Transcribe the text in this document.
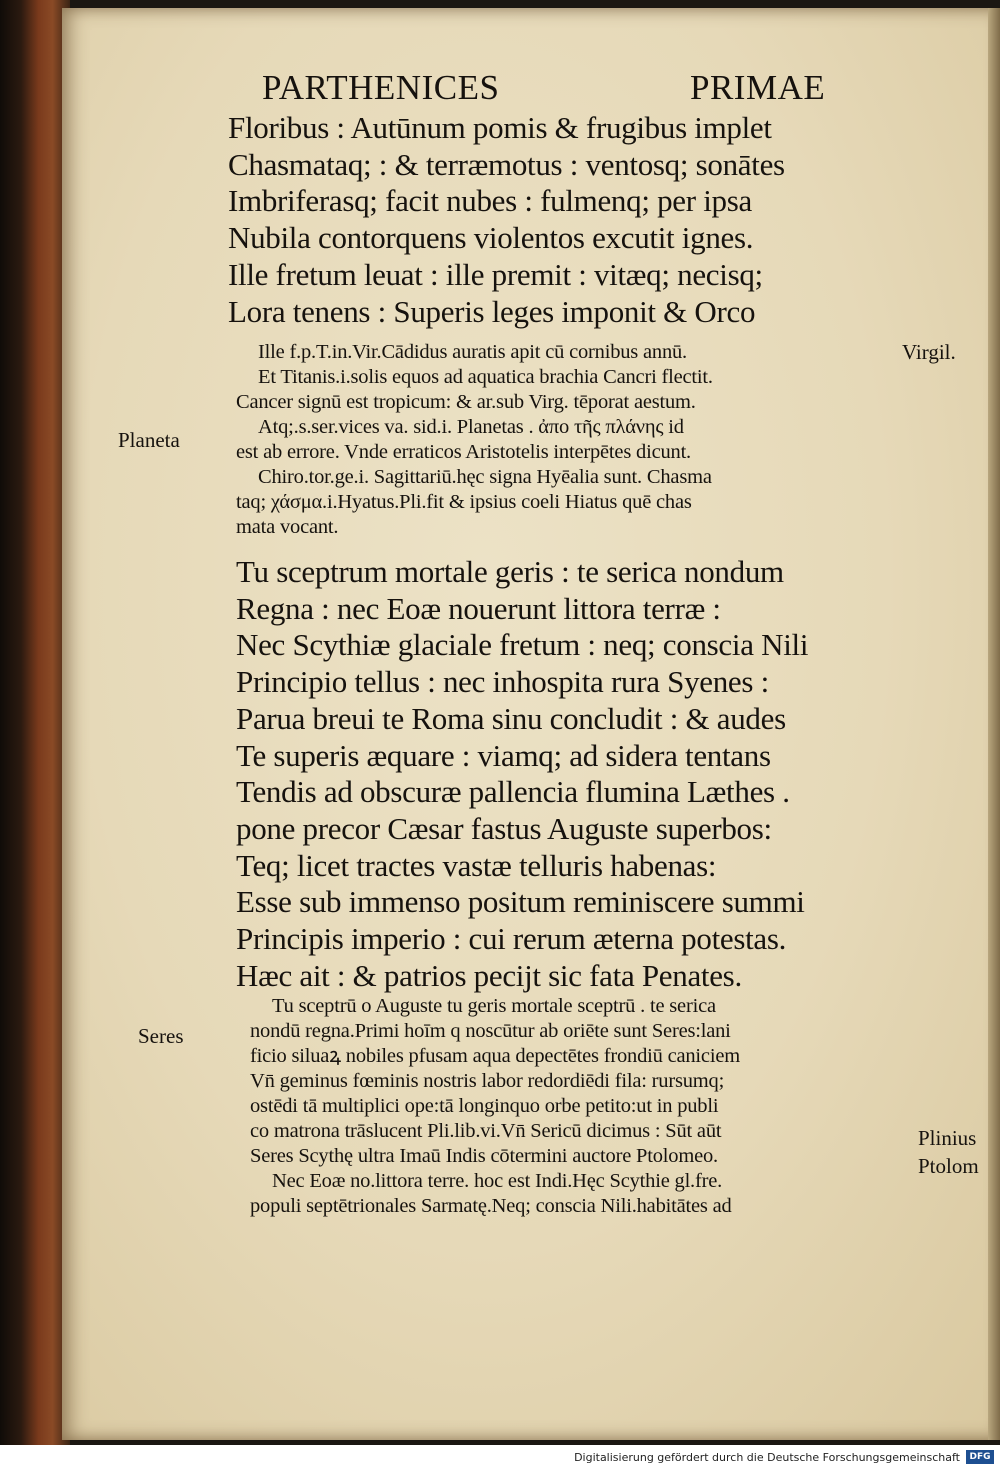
PARTHENICES	PRIMAE
Floribus : Autūnum pomis & frugibus implet
Chasmataq; : & terræmotus : ventosq; sonātes
Imbriferasq; facit nubes : fulmenq; per ipsa
Nubila contorquens violentos excutit ignes.
Ille fretum leuat : ille premit : vitæq; necisq;
Lora tenens : Superis leges imponit & Orco
Ille f.p.T.in.Vir.Cādidus auratis apit cū cornibus annū.
Et Titanis.i.solis equos ad aquatica brachia Cancri flectit.
Cancer signū est tropicum: & ar.sub Virg. tēporat aestum.
Atq;.s.ser.vices va. sid.i. Planetas . ἀπο τῆς πλάνης id
est ab errore. Vnde erraticos Aristotelis interpētes dicunt.
Chiro.tor.ge.i. Sagittariū.hęc signa Hyēalia sunt. Chasma
taq; χάσμα.i.Hyatus.Pli.fit & ipsius coeli Hiatus quē chas
mata vocant.
Tu sceptrum mortale geris : te serica nondum
Regna : nec Eoæ nouerunt littora terræ :
Nec Scythiæ glaciale fretum : neq; conscia Nili
Principio tellus : nec inhospita rura Syenes :
Parua breui te Roma sinu concludit : & audes
Te superis æquare : viamq; ad sidera tentans
Tendis ad obscuræ pallencia flumina Læthes .
pone precor Cæsar fastus Auguste superbos:
Teq; licet tractes vastæ telluris habenas:
Esse sub immenso positum reminiscere summi
Principis imperio : cui rerum æterna potestas.
Hæc ait : & patrios pecijt sic fata Penates.
Tu sceptrū o Auguste tu geris mortale sceptrū . te serica
nondū regna.Primi hoīm q noscūtur ab oriēte sunt Seres:lani
ficio siluaꝝ nobiles pfusam aqua depectētes frondiū caniciem
Vn̄ geminus fœminis nostris labor redordiēdi fila: rursumq;
ostēdi tā multiplici ope:tā longinquo orbe petito:ut in publi
co matrona trāslucent Pli.lib.vi.Vn̄ Sericū dicimus : Sūt aūt
Seres Scythę ultra Imaū Indis cōtermini auctore Ptolomeo.
Nec Eoæ no.littora terre. hoc est Indi.Hęc Scythie gl.fre.
populi septētrionales Sarmatę.Neq; conscia Nili.habitātes ad
Planeta
Seres
Virgil.
Plinius
Ptolom
Digitalisierung gefördert durch die Deutsche Forschungsgemeinschaft	DFG
